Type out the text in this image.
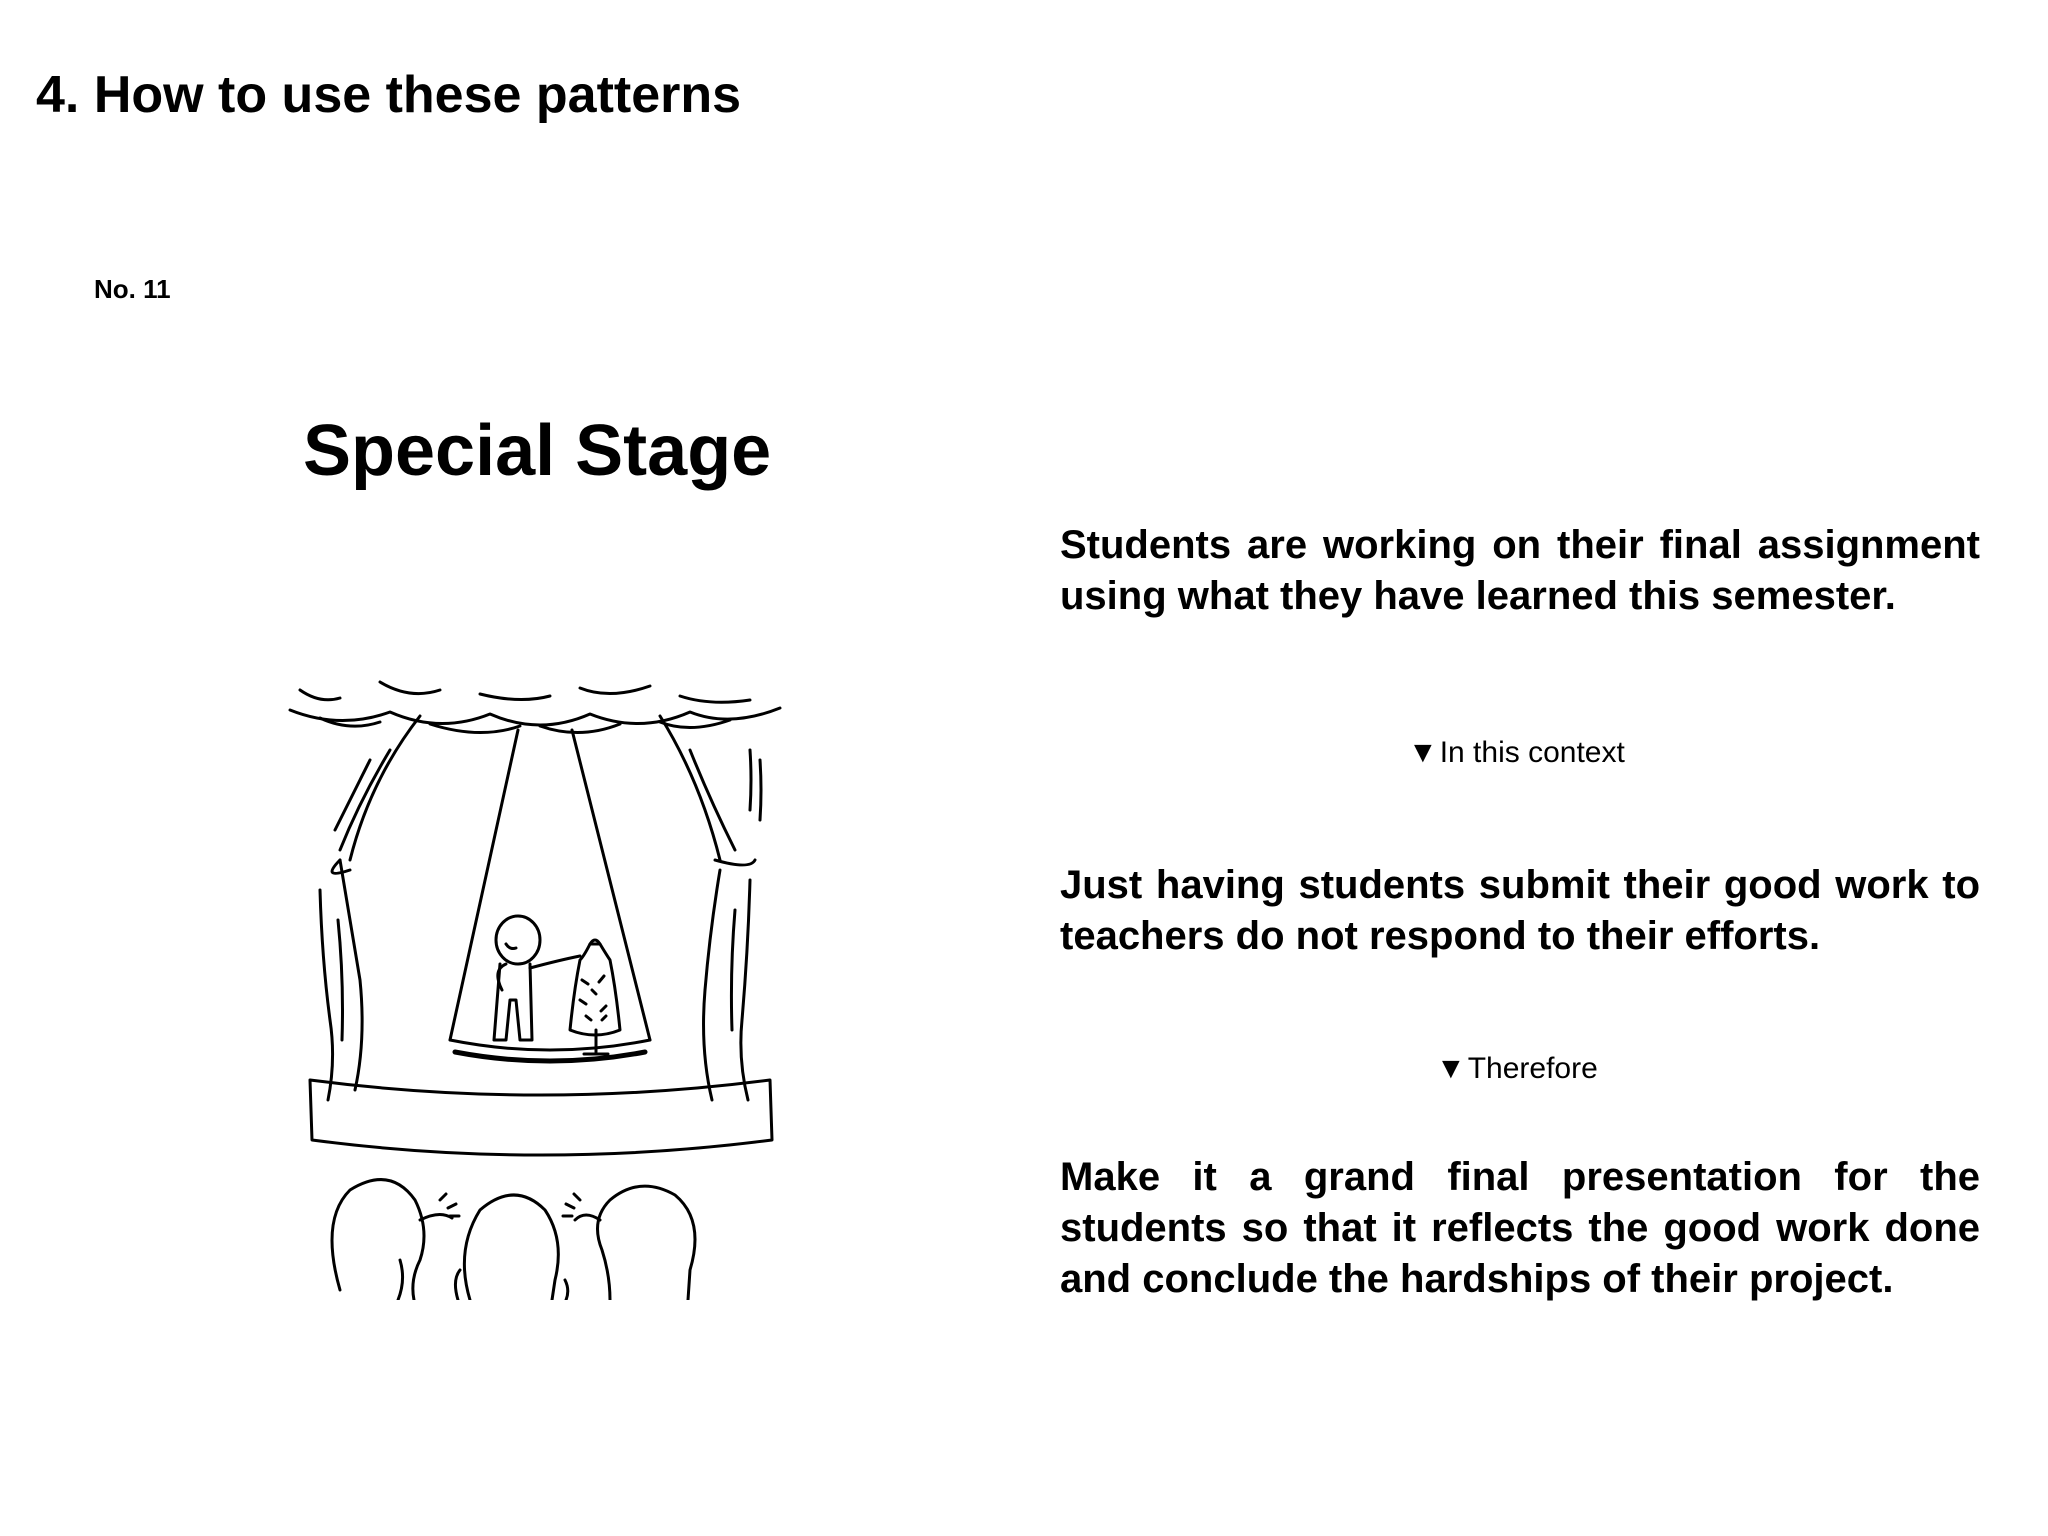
4. How to use these patterns

No. 11

Special Stage

Students are working on their final assignment using what they have learned this semester.

▼In this context

Just having students submit their good work to teachers do not respond to their efforts.

▼Therefore

Make it a grand final presentation for the students so that it reflects the good work done and conclude the hardships of their project.
